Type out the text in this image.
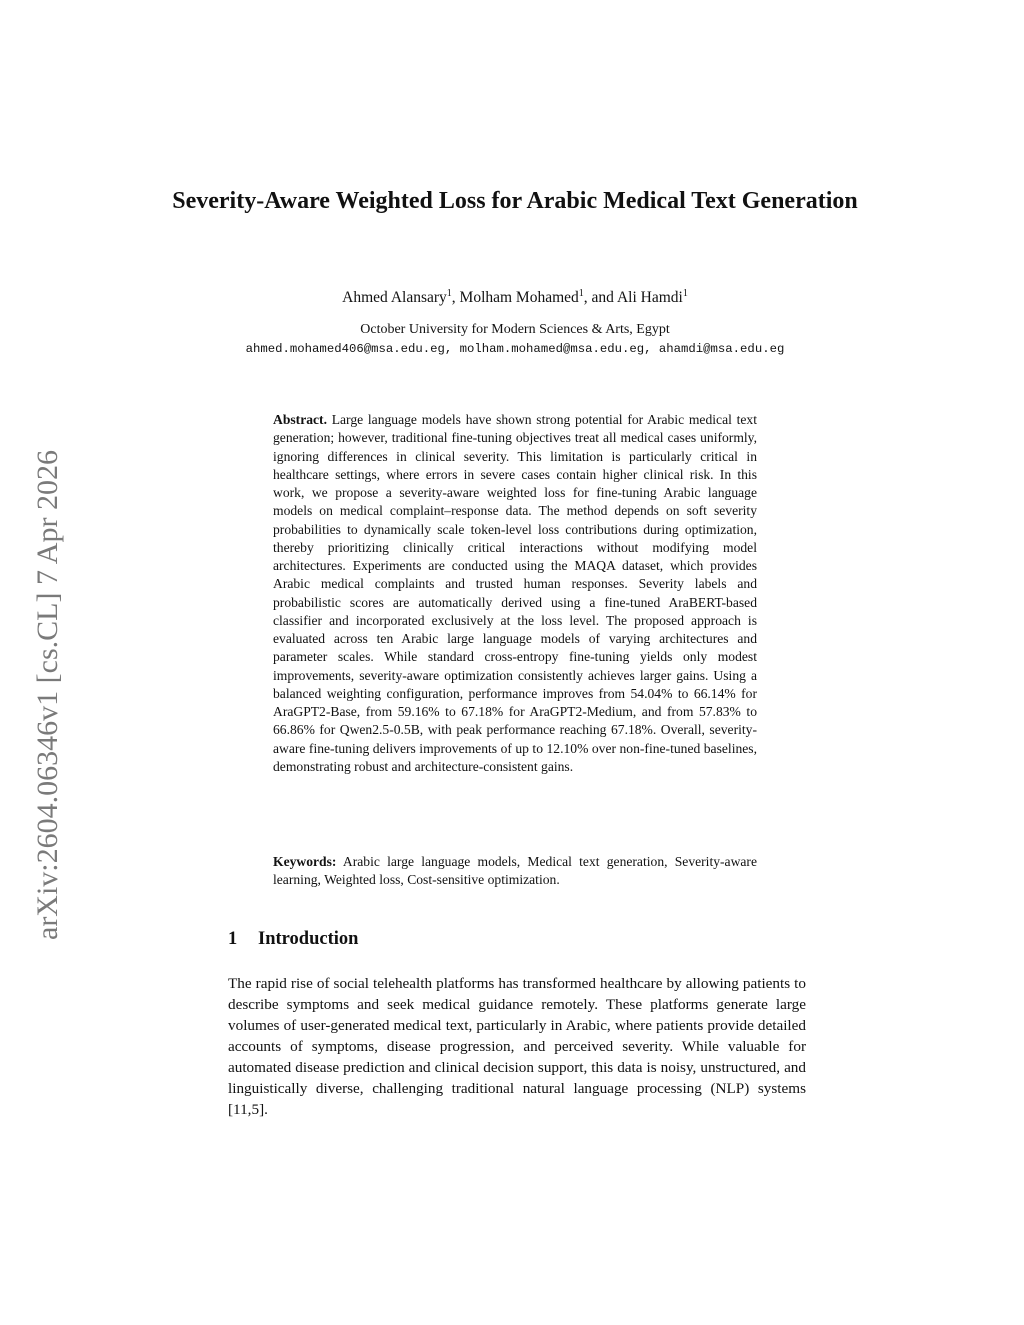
arXiv:2604.06346v1 [cs.CL] 7 Apr 2026
Severity-Aware Weighted Loss for Arabic Medical Text Generation
Ahmed Alansary$^1$, Molham Mohamed$^1$, and Ali Hamdi$^1$
October University for Modern Sciences & Arts, Egypt
ahmed.mohamed406@msa.edu.eg, molham.mohamed@msa.edu.eg, ahamdi@msa.edu.eg
Abstract. Large language models have shown strong potential for Arabic medical text generation; however, traditional fine-tuning objectives treat all medical cases uniformly, ignoring differences in clinical severity. This limitation is particularly critical in healthcare settings, where errors in severe cases contain higher clinical risk. In this work, we propose a severity-aware weighted loss for fine-tuning Arabic language models on medical complaint–response data. The method depends on soft severity probabilities to dynamically scale token-level loss contributions during optimization, thereby prioritizing clinically critical interactions without modifying model architectures. Experiments are conducted using the MAQA dataset, which provides Arabic medical complaints and trusted human responses. Severity labels and probabilistic scores are automatically derived using a fine-tuned AraBERT-based classifier and incorporated exclusively at the loss level. The proposed approach is evaluated across ten Arabic large language models of varying architectures and parameter scales. While standard cross-entropy fine-tuning yields only modest improvements, severity-aware optimization consistently achieves larger gains. Using a balanced weighting configuration, performance improves from 54.04% to 66.14% for AraGPT2-Base, from 59.16% to 67.18% for AraGPT2-Medium, and from 57.83% to 66.86% for Qwen2.5-0.5B, with peak performance reaching 67.18%. Overall, severity-aware fine-tuning delivers improvements of up to 12.10% over non-fine-tuned baselines, demonstrating robust and architecture-consistent gains.
Keywords: Arabic large language models, Medical text generation, Severity-aware learning, Weighted loss, Cost-sensitive optimization.
1 Introduction

The rapid rise of social telehealth platforms has transformed healthcare by allowing patients to describe symptoms and seek medical guidance remotely. These platforms generate large volumes of user-generated medical text, particularly in Arabic, where patients provide detailed accounts of symptoms, disease progression, and perceived severity. While valuable for automated disease prediction and clinical decision support, this data is noisy, unstructured, and linguistically diverse, challenging traditional natural language processing (NLP) systems [11,5].
